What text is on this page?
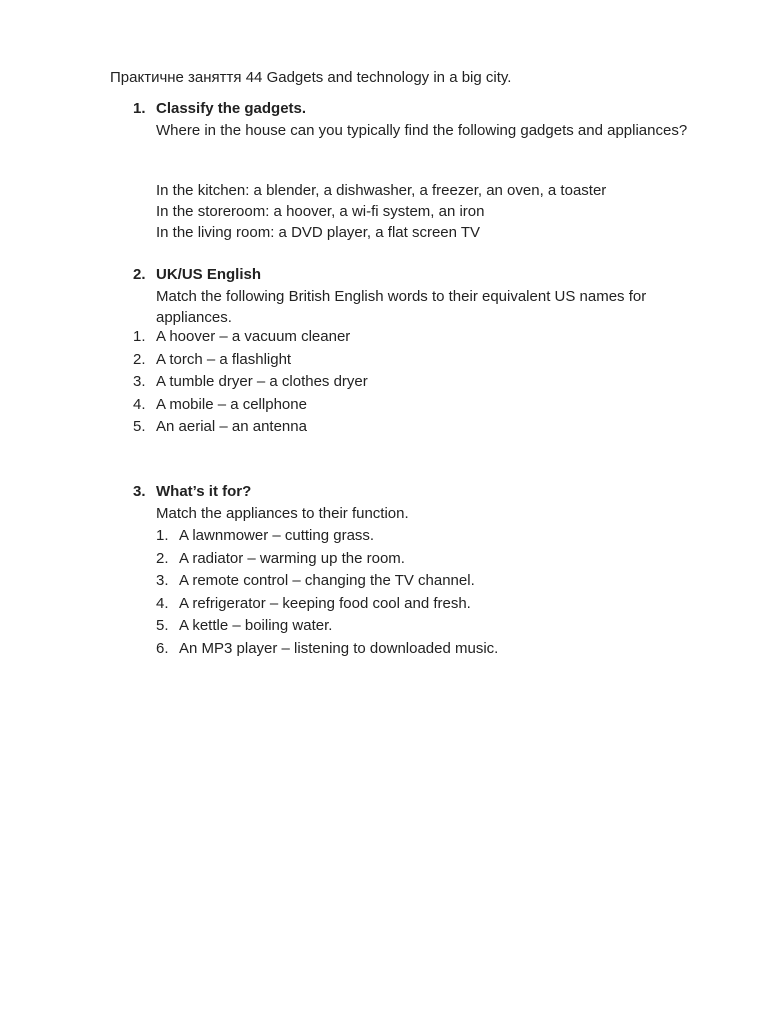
Практичне заняття 44 Gadgets and technology in a big city.
1. Classify the gadgets.
Where in the house can you typically find the following gadgets and appliances?
In the kitchen: a blender, a dishwasher, a freezer, an oven, a toaster
In the storeroom: a hoover, a wi-fi system, an iron
In the living room: a DVD player, a flat screen TV
2. UK/US English
Match the following British English words to their equivalent US names for appliances.
1. A hoover – a vacuum cleaner
2. A torch – a flashlight
3. A tumble dryer – a clothes dryer
4. A mobile – a cellphone
5. An aerial – an antenna
3. What’s it for?
Match the appliances to their function.
1. A lawnmower – cutting grass.
2. A radiator – warming up the room.
3. A remote control – changing the TV channel.
4. A refrigerator – keeping food cool and fresh.
5. A kettle – boiling water.
6. An MP3 player – listening to downloaded music.
